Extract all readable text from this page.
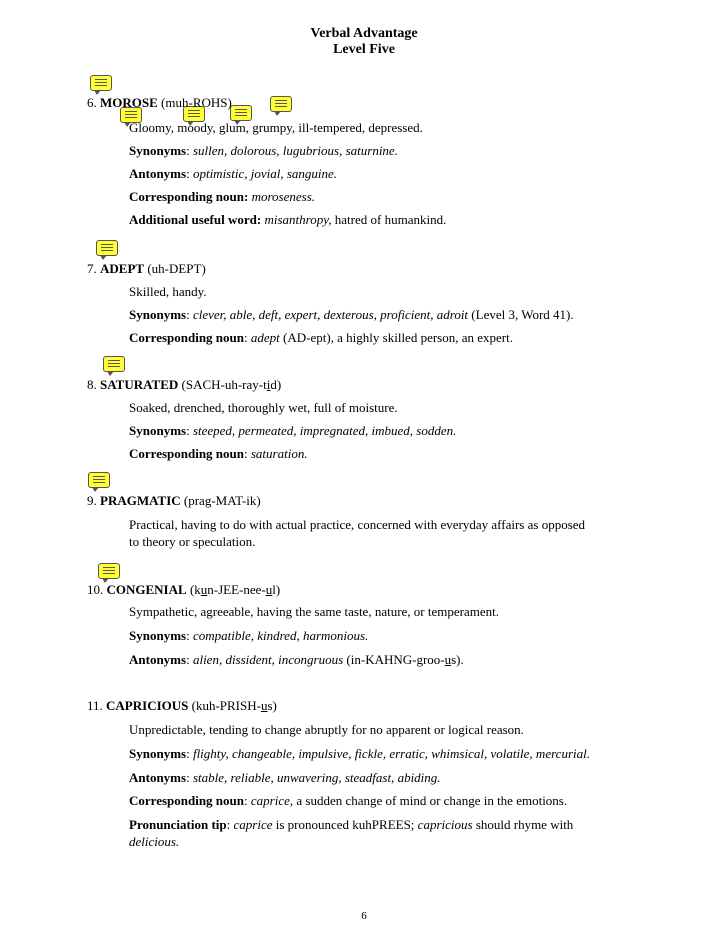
Verbal Advantage
Level Five
6. MOROSE (muh-ROHS)
Gloomy, moody, glum, grumpy, ill-tempered, depressed.
Synonyms: sullen, dolorous, lugubrious, saturnine.
Antonyms: optimistic, jovial, sanguine.
Corresponding noun: moroseness.
Additional useful word: misanthropy, hatred of humankind.
7. ADEPT (uh-DEPT)
Skilled, handy.
Synonyms: clever, able, deft, expert, dexterous, proficient, adroit (Level 3, Word 41).
Corresponding noun: adept (AD-ept), a highly skilled person, an expert.
8. SATURATED (SACH-uh-ray-tid)
Soaked, drenched, thoroughly wet, full of moisture.
Synonyms: steeped, permeated, impregnated, imbued, sodden.
Corresponding noun: saturation.
9. PRAGMATIC (prag-MAT-ik)
Practical, having to do with actual practice, concerned with everyday affairs as opposed
to theory or speculation.
10. CONGENIAL (kun-JEE-nee-ul)
Sympathetic, agreeable, having the same taste, nature, or temperament.
Synonyms: compatible, kindred, harmonious.
Antonyms: alien, dissident, incongruous (in-KAHNG-groo-us).
11. CAPRICIOUS (kuh-PRISH-us)
Unpredictable, tending to change abruptly for no apparent or logical reason.
Synonyms: flighty, changeable, impulsive, fickle, erratic, whimsical, volatile, mercurial.
Antonyms: stable, reliable, unwavering, steadfast, abiding.
Corresponding noun: caprice, a sudden change of mind or change in the emotions.
Pronunciation tip: caprice is pronounced kuhPREES; capricious should rhyme with
delicious.
6
